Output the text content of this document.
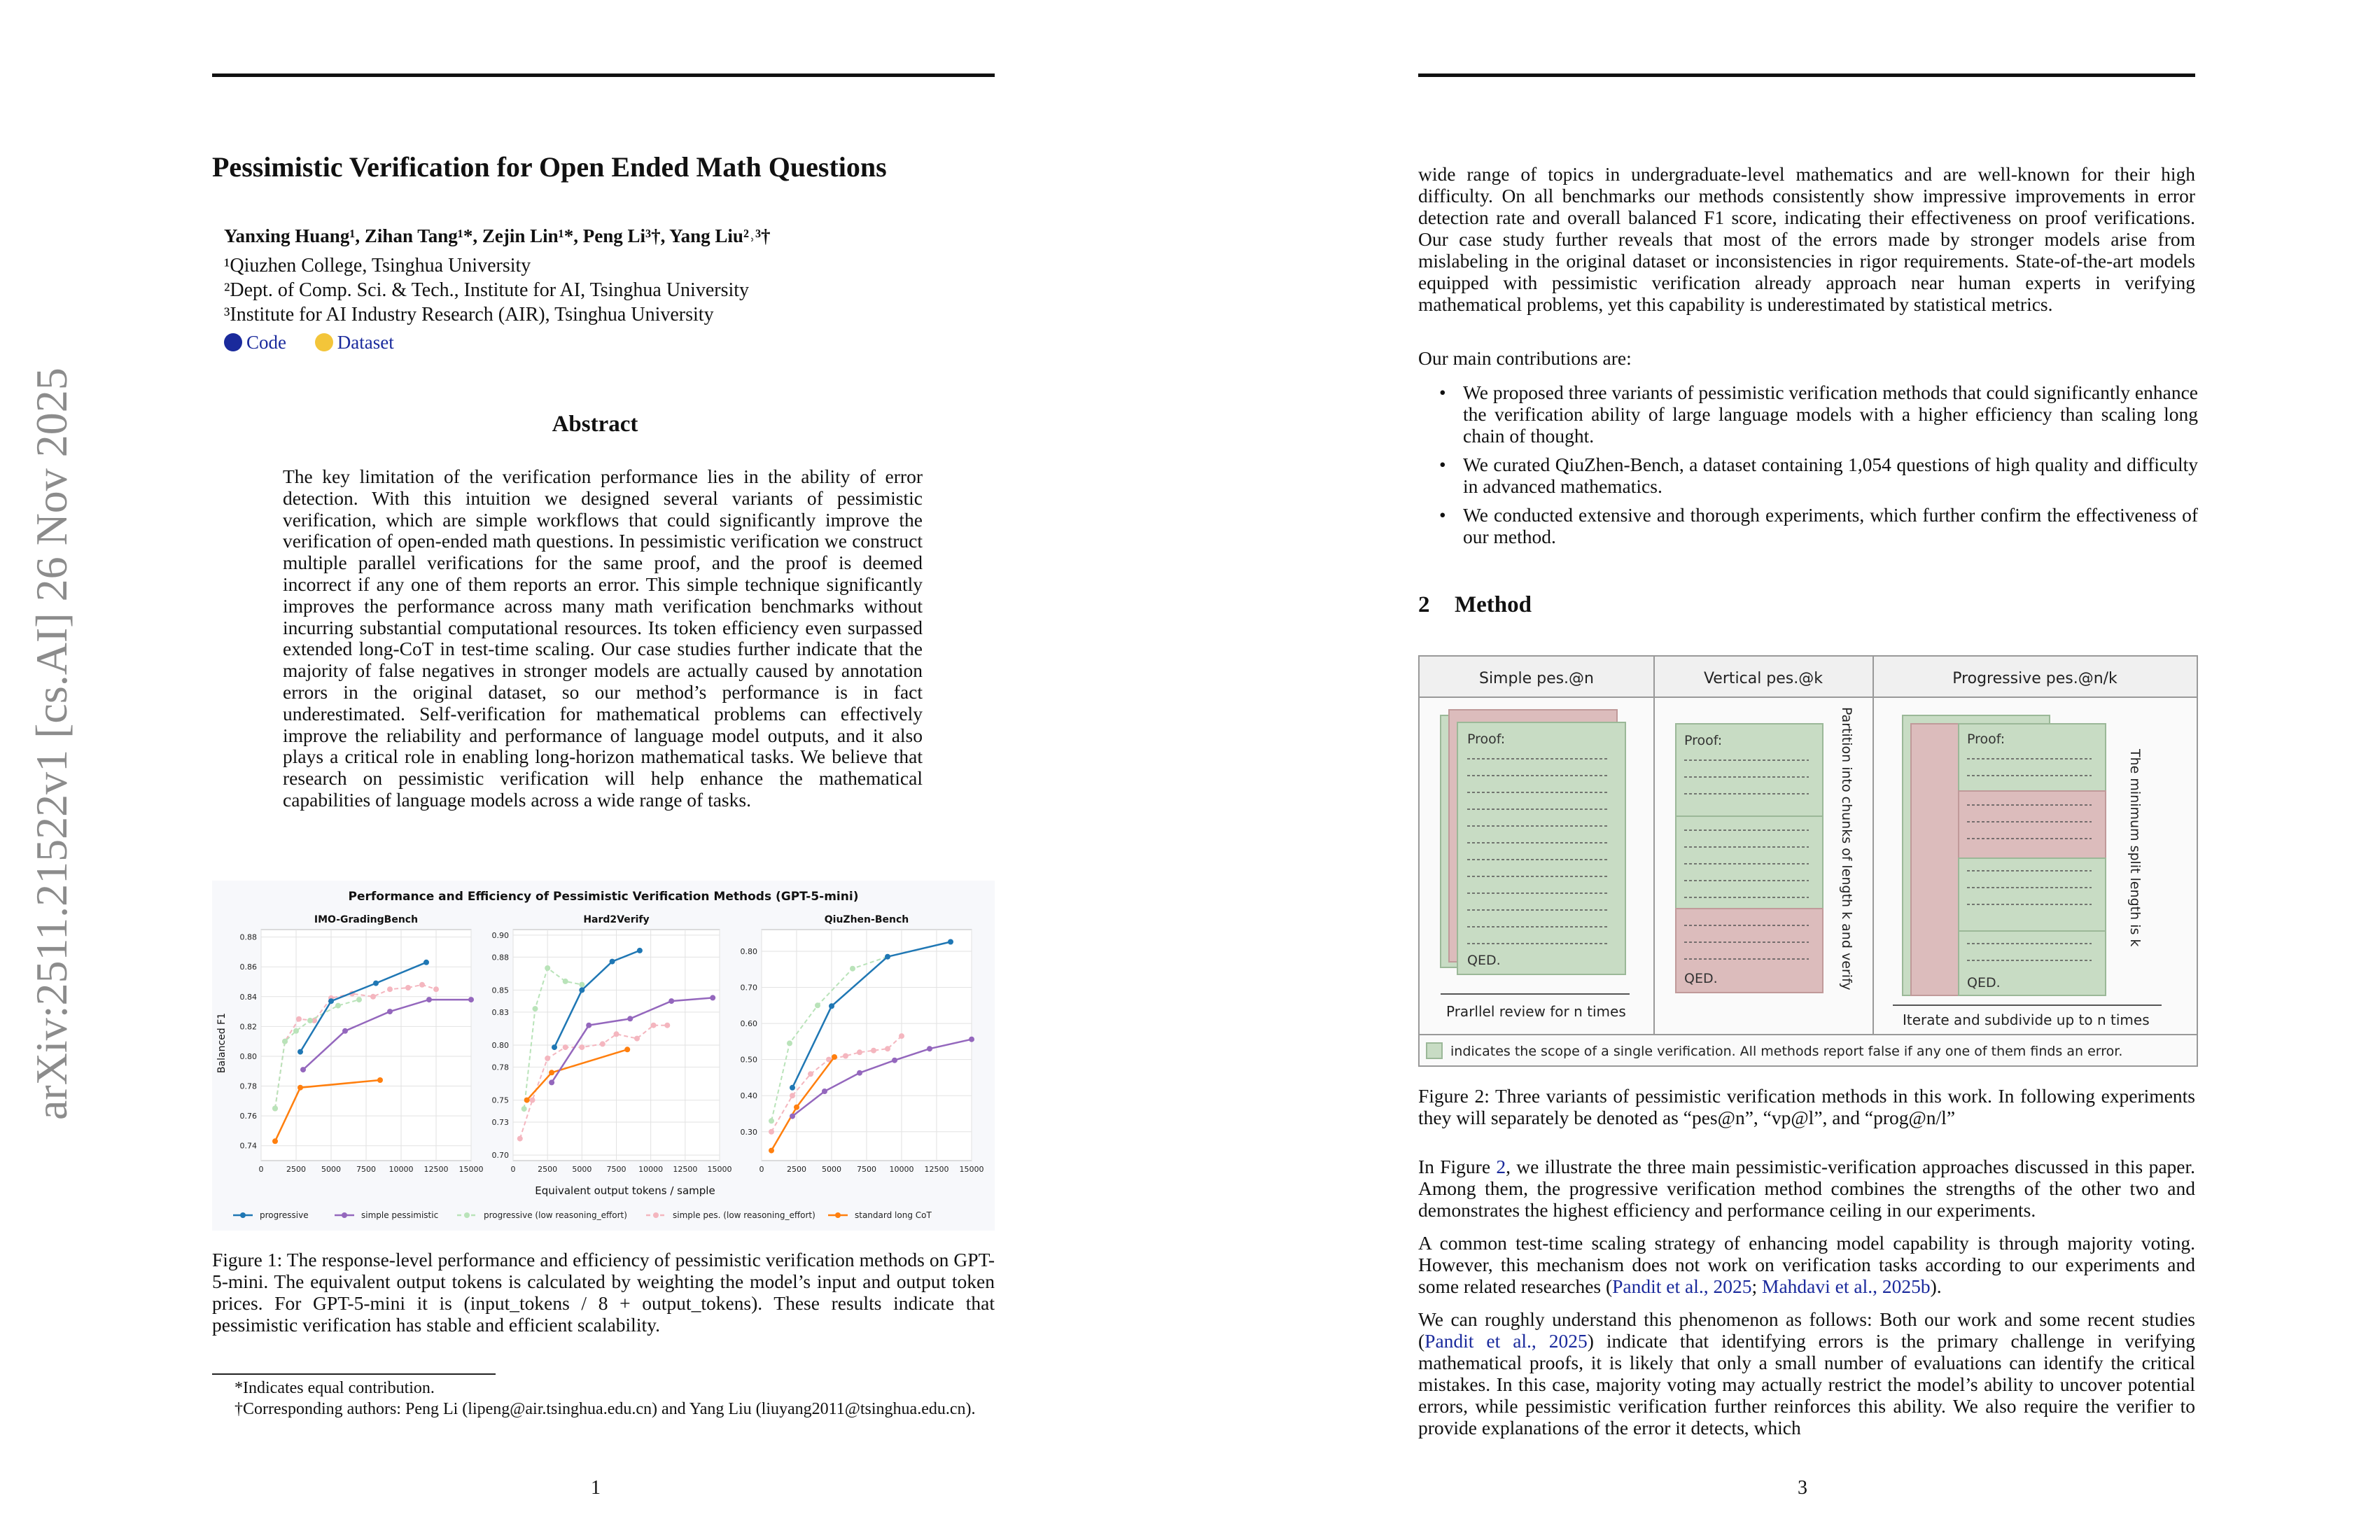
arXiv:2511.21522v1 [cs.AI] 26 Nov 2025
Pessimistic Verification for Open Ended Math Questions
Yanxing Huang¹, Zihan Tang¹*, Zejin Lin¹*, Peng Li³†, Yang Liu²˒³†
¹Qiuzhen College, Tsinghua University
²Dept. of Comp. Sci. & Tech., Institute for AI, Tsinghua University
³Institute for AI Industry Research (AIR), Tsinghua University
Code	Dataset
Abstract
The key limitation of the verification performance lies in the ability of error detection. With this intuition we designed several variants of pessimistic verification, which are simple workflows that could significantly improve the verification of open-ended math questions. In pessimistic verification we construct multiple parallel verifications for the same proof, and the proof is deemed incorrect if any one of them reports an error. This simple technique significantly improves the performance across many math verification benchmarks without incurring substantial computational resources. Its token efficiency even surpassed extended long-CoT in test-time scaling. Our case studies further indicate that the majority of false negatives in stronger models are actually caused by annotation errors in the original dataset, so our method’s performance is in fact underestimated. Self-verification for mathematical problems can effectively improve the reliability and performance of language model outputs, and it also plays a critical role in enabling long-horizon mathematical tasks. We believe that research on pessimistic verification will help enhance the mathematical capabilities of language models across a wide range of tasks.
Performance and Efficiency of Pessimistic Verification Methods (GPT-5-mini)
Equivalent output tokens / sample
Balanced F1
IMO-GradingBench
0.74
0.76
0.78
0.80
0.82
0.84
0.86
0.88
0	2500 5000 7500 10000 12500 15000
Hard2Verify
0.70
0.73
0.75
0.78
0.80
0.83
0.85
0.88
0.90
0	2500 5000 7500 10000 12500 15000
QiuZhen-Bench
0.30
0.40
0.50
0.60
0.70
0.80
0	2500 5000 7500 10000 12500 15000
progressive	simple pessimistic	progressive (low reasoning_effort)	simple pes. (low reasoning_effort)	standard long CoT
Figure 1: The response-level performance and efficiency of pessimistic verification methods on GPT-5-mini. The equivalent output tokens is calculated by weighting the model’s input and output token prices. For GPT-5-mini it is (input_tokens / 8 + output_tokens). These results indicate that pessimistic verification has stable and efficient scalability.
*Indicates equal contribution.
†Corresponding authors: Peng Li (lipeng@air.tsinghua.edu.cn) and Yang Liu (liuyang2011@tsinghua.edu.cn).
1
wide range of topics in undergraduate-level mathematics and are well-known for their high difficulty. On all benchmarks our methods consistently show impressive improvements in error detection rate and overall balanced F1 score, indicating their effectiveness on proof verifications. Our case study further reveals that most of the errors made by stronger models arise from mislabeling in the original dataset or inconsistencies in rigor requirements. State-of-the-art models equipped with pessimistic verification already approach near human experts in verifying mathematical problems, yet this capability is underestimated by statistical metrics.
Our main contributions are:
• We proposed three variants of pessimistic verification methods that could significantly enhance the verification ability of large language models with a higher efficiency than scaling long chain of thought.
• We curated QiuZhen-Bench, a dataset containing 1,054 questions of high quality and difficulty in advanced mathematics.
• We conducted extensive and thorough experiments, which further confirm the effectiveness of our method.
2 Method
Simple pes.@n	Vertical pes.@k	Progressive pes.@n/k
Proof:
QED.
Prarllel review for n times
Proof:
QED.	Partition into chunks of length k and verify	Proof:
QED.
The minimum split length is k
Iterate and subdivide up to n times
indicates the scope of a single verification. All methods report false if any one of them finds an error.
Figure 2: Three variants of pessimistic verification methods in this work. In following experiments they will separately be denoted as “pes@n”, “vp@l”, and “prog@n/l”
In Figure 2, we illustrate the three main pessimistic-verification approaches discussed in this paper. Among them, the progressive verification method combines the strengths of the other two and demonstrates the highest efficiency and performance ceiling in our experiments.
A common test-time scaling strategy of enhancing model capability is through majority voting. However, this mechanism does not work on verification tasks according to our experiments and some related researches (Pandit et al., 2025; Mahdavi et al., 2025b).
We can roughly understand this phenomenon as follows: Both our work and some recent studies (Pandit et al., 2025) indicate that identifying errors is the primary challenge in verifying mathematical proofs, it is likely that only a small number of evaluations can identify the critical mistakes. In this case, majority voting may actually restrict the model’s ability to uncover potential errors, while pessimistic verification further reinforces this ability. We also require the verifier to provide explanations of the error it detects, which
3
